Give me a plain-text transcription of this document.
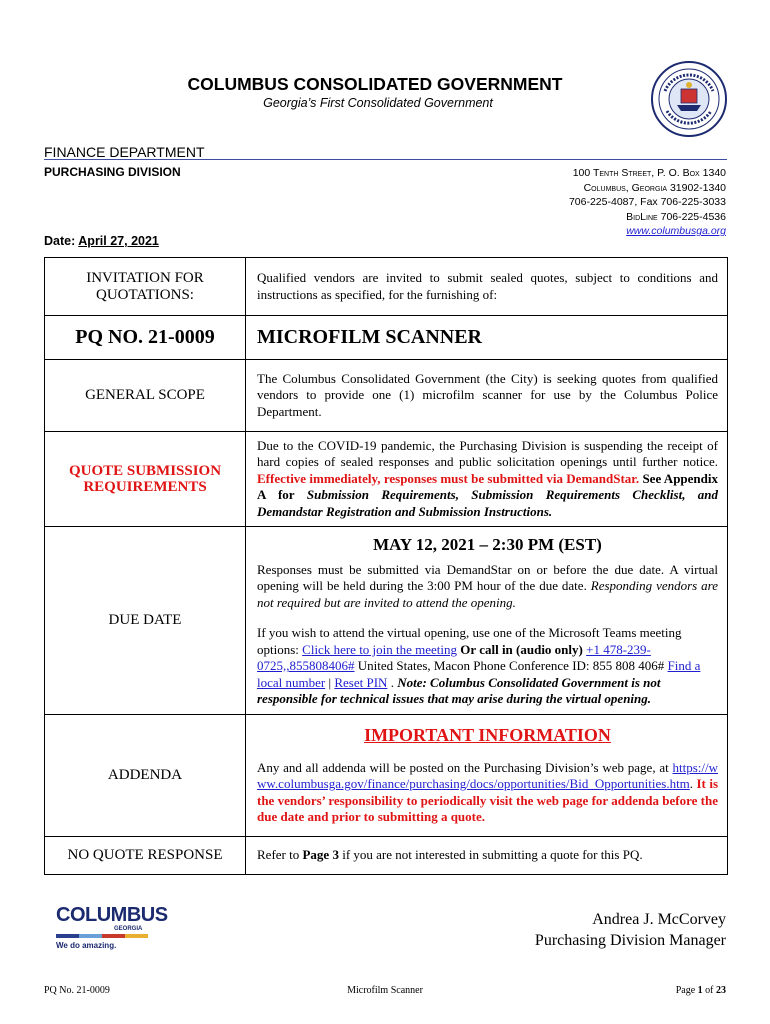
COLUMBUS CONSOLIDATED GOVERNMENT
Georgia’s First Consolidated Government
FINANCE DEPARTMENT
PURCHASING DIVISION	100 Tenth Street, P. O. Box 1340
Columbus, Georgia 31902-1340
706-225-4087, Fax 706-225-3033
BidLine 706-225-4536
www.columbusga.org
Date: April 27, 2021
INVITATION FOR QUOTATIONS:	Qualified vendors are invited to submit sealed quotes, subject to conditions and instructions as specified, for the furnishing of:
PQ NO. 21-0009	MICROFILM SCANNER
GENERAL SCOPE	The Columbus Consolidated Government (the City) is seeking quotes from qualified vendors to provide one (1) microfilm scanner for use by the Columbus Police Department.
QUOTE SUBMISSION REQUIREMENTS	Due to the COVID-19 pandemic, the Purchasing Division is suspending the receipt of hard copies of sealed responses and public solicitation openings until further notice. Effective immediately, responses must be submitted via DemandStar. See Appendix A for Submission Requirements, Submission Requirements Checklist, and Demandstar Registration and Submission Instructions.
DUE DATE	MAY 12, 2021 – 2:30 PM (EST)
Responses must be submitted via DemandStar on or before the due date. A virtual opening will be held during the 3:00 PM hour of the due date. Responding vendors are not required but are invited to attend the opening.
If you wish to attend the virtual opening, use one of the Microsoft Teams meeting options: Click here to join the meeting Or call in (audio only) +1 478-239-0725,,855808406# United States, Macon Phone Conference ID: 855 808 406# Find a local number | Reset PIN . Note: Columbus Consolidated Government is not responsible for technical issues that may arise during the virtual opening.

ADDENDA	IMPORTANT INFORMATION
Any and all addenda will be posted on the Purchasing Division’s web page, at https://www.columbusga.gov/finance/purchasing/docs/opportunities/Bid_Opportunities.htm. It is the vendors’ responsibility to periodically visit the web page for addenda before the due date and prior to submitting a quote.

NO QUOTE RESPONSE	Refer to Page 3 if you are not interested in submitting a quote for this PQ.
COLUMBUS
GEORGIA
We do amazing.
Andrea J. McCorvey
Purchasing Division Manager
PQ No. 21-0009	Microfilm Scanner	Page 1 of 23
